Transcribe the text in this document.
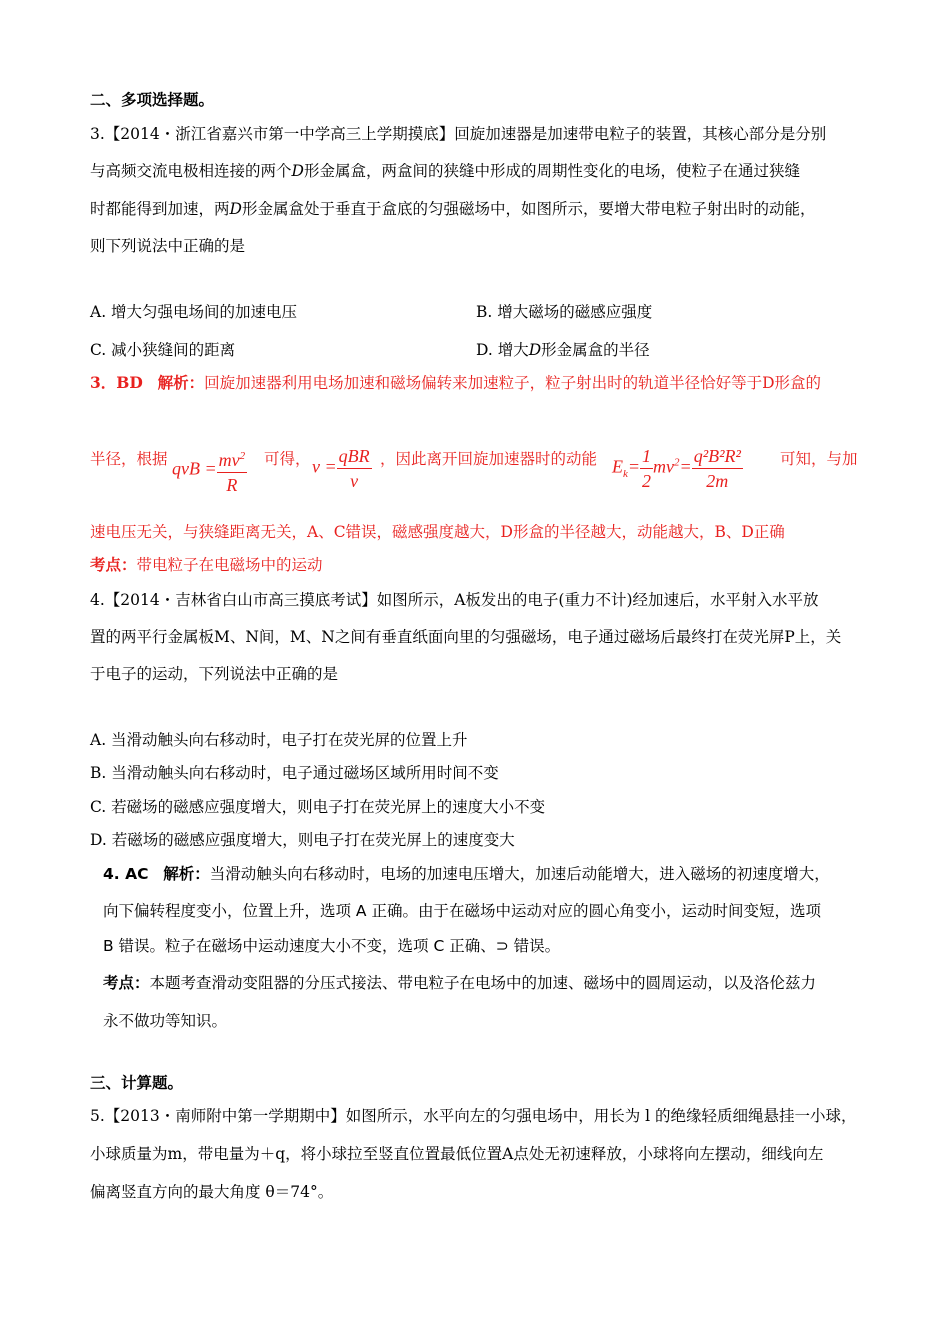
二、多项选择题。
3.【2014・浙江省嘉兴市第一中学高三上学期摸底】回旋加速器是加速带电粒子的装置，其核心部分是分别
与高频交流电极相连接的两个D形金属盒，两盒间的狭缝中形成的周期性变化的电场，使粒子在通过狭缝
时都能得到加速，两D形金属盒处于垂直于盒底的匀强磁场中，如图所示，要增大带电粒子射出时的动能，
则下列说法中正确的是
A. 增大匀强电场间的加速电压	B. 增大磁场的磁感应强度
C. 减小狭缝间的距离	D. 增大D形金属盒的半径
3．BD 解析：回旋加速器利用电场加速和磁场偏转来加速粒子，粒子射出时的轨道半径恰好等于D形盒的
半径，根据 qvB = $\frac{mv^2}{R}$ 可得， $v = \frac{\text{qBR}}{v}$ ，因此离开回旋加速器时的动能 $E_k= \frac{1}{2} mv^2= \frac{\text{q²B²R²}}{2m}$ 可知，与加
速电压无关，与狭缝距离无关，A、C错误，磁感强度越大，D形盒的半径越大，动能越大，B、D正确
考点：带电粒子在电磁场中的运动
4.【2014・吉林省白山市高三摸底考试】如图所示，A板发出的电子(重力不计)经加速后，水平射入水平放
置的两平行金属板M、N间，M、N之间有垂直纸面向里的匀强磁场，电子通过磁场后最终打在荧光屏P上，关
于电子的运动，下列说法中正确的是
A. 当滑动触头向右移动时，电子打在荧光屏的位置上升
B. 当滑动触头向右移动时，电子通过磁场区域所用时间不变
C. 若磁场的磁感应强度增大，则电子打在荧光屏上的速度大小不变
D. 若磁场的磁感应强度增大，则电子打在荧光屏上的速度变大
4. AC 解析：当滑动触头向右移动时，电场的加速电压增大，加速后动能增大，进入磁场的初速度增大，
向下偏转程度变小，位置上升，选项 A 正确。由于在磁场中运动对应的圆心角变小，运动时间变短，选项
B 错误。粒子在磁场中运动速度大小不变，选项 C 正确、⊃ 错误。
考点：本题考查滑动变阻器的分压式接法、带电粒子在电场中的加速、磁场中的圆周运动，以及洛伦兹力
永不做功等知识。
三、计算题。
5.【2013・南师附中第一学期期中】如图所示，水平向左的匀强电场中，用长为 l 的绝缘轻质细绳悬挂一小球，
小球质量为m，带电量为＋q，将小球拉至竖直位置最低位置A点处无初速释放，小球将向左摆动，细线向左
偏离竖直方向的最大角度 θ＝74°。
